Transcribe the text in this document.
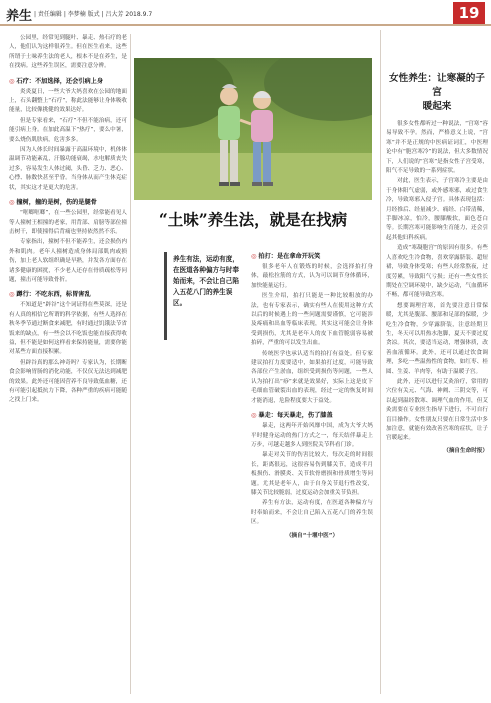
养生 | 责任编辑 | 李梦楠 版式 | 吕大芳 2018.9.7	19

公园里，经常见到腿叶、暴走、热石疗的老人，他们认为这样很养生。但在医生看来，这些所谓于土味养生法的老人，根本不是在养生，是在找病。这些养生误区，需要注意分辨。

◎ 石疗：不加选择，还会引病上身

炎炎夏日，一些大爷大妈喜欢在公园的地面上，石头翻整上“石疗”，称此法能够让身体吸收能量，比较像挑健的效果达好。

但是专家看来，“石疗”不但不能治病，还可能引病上身。在加此高温下“热疗”，要么中暑，要么烧伤肌肤病，危害多多。

因为人体长时间暴露于高温环境中，机体体温调节功能紊乱，汗腺功能衰竭，水电解质丧失过多，容易发生人体过阈，头昏、乏力、恶心、心悸、脉数快甚至乎昏。当身体从而产生休克症状，其实这才是更大的危害。

◎ 撞树，撞的是树，伤的是腿骨

“哐啷哐啷”，在一些公园里，经常能看见人等人撞树王相撞的老家，用背部、肩膀等部位撞击树干，即使撞得后背痛也坚持依然然不乐。

专家指出，撞树不但不能养生，还会损伤内外和肌肉。老年人撞树造成身体局部肌肉或损伤，加上老人软组织确是早熟，并发各方面存在诸多健康的困扰，不少老人还存在骨质疏松等问题，撞击可能导致骨折。

◎ 蹲行：不吃东西，标胃害乱

不知道是“辟谷”这个词证得在些莫深，还是有人真的相信它所谓的科学依据，有些人选择在秋冬季节通过断食来减肥，有时通过饥饿法节省饭来的缺点，有一些会以不吃饭也能直接获得收益，但不能是如何这样看来保持能量，需要你能对某些方面直接积累。

但辟谷真的那么神奇吗？专家认为，长期断食会影响胃肠的消化功能，不仅仅无法达到减肥的效果。此外还可能因营养不良导致低血糖，还有可能引起抵抗力下降，各种严重的疾病可能随之找上门来。

“土味”养生法，就是在找病

养生有法，运动有度，在医道各种偏方与时奉始而来，不会让自己陷入五花八门的养生误区。

◎ 拍打：是在拿命开玩笑

很多老年人在锻炼的时候，会选择拍打身体，敲松拉筋的方式，认为可以调节身体循环，加快能量运行。

医生介绍，拍打只能是一种比较粗放的办法，也有专家表示，确实有些人在使用这种方式以后的时候遇上的一些问题需要谨慎，它可能涉及疼痛和出血等临床表现，其实这可能会让身体受到损伤，尤其是老年人的皮下血管脆弱容易被拍碎，严重的可以发生出血。

传统医学也承认适当的拍打有益处。但专家建议拍打力度要适中，如果拍打过度，可能导致各部位产生淤血，组织受到损伤等问题，一些人认为拍打出“痧”来就是效果好，实际上这是皮下毛细血管破裂出血的表现，经过一定的恢复时间才能消退，危险程度要大于益处。

◎ 暴走：每天暴走，伤了膝盖

暴走，这两年开始风靡中国，成为大爷大妈平时健身运动的热门方式之一，每天结伴暴走上万步，可越走越多人到医院关节科看门诊。

暴走对关节的伤害比较大，每次走的时间很长，距离很远，这很容易伤到膝关节，造成半月板损伤、滑膜炎、关节软骨磨损和骨质增生等问题。尤其是老年人，由于自身关节退行性改变，膝关节比较脆弱，过度运动会加重关节负担。

养生有方法，运动有度，在医道各种偏方与时奉始而来，不会让自己陷入五花八门的养生误区。

（摘自“十堰中医”）
女性养生：让寒凝的子宫
暖起来

很多女性都听过一种说法，“宫寒”容易导致不孕。然而，严格意义上说，“宫寒”并不是正规的中医病证词汇，中医理论中有“胞宫寒冷”的说法，但大多数情况下，人们说的“宫寒”是指女性子宫受寒，阳气不足导致的一系列症状。

对此，医生表示，子宫寒冷主要是由于身体阳气虚弱，或外感寒邪，或过食生冷，导致寒邪入侵子宫。具体表现包括：月经推后、经量减少、痛经、白带清稀，手脚冰凉，怕冷，腰膝酸软，面色苍白等。长期宫寒可能影响生育能力，还会引起其他妇科疾病。

造成“寒凝胞宫”的原因有很多。有些人喜欢吃生冷食物，喜欢穿露脐装、超短裙，导致身体受寒；有些人经常熬夜，过度劳累，导致阳气亏损；还有一些女性长期处在空调环境中，缺少运动，气血循环不畅，都可能导致宫寒。

想要调理宫寒，首先要注意日常保暖，尤其是腹部、腰部和足部的保暖，少吃生冷食物，少穿露脐装，注意经期卫生，冬天可以用热水泡脚，夏天不要过度贪凉。其次，要适当运动，增强体质，改善血液循环。此外，还可以通过饮食调理，多吃一些温热性的食物，如红枣、桂圆、生姜、羊肉等，有助于温暖子宫。

此外，还可以进行艾灸治疗，常用的穴位有关元、气海、神阙、三阴交等，可以起到温经散寒、调理气血的作用，但艾灸需要在专业医生指导下进行，不可自行盲目操作。女性朋友只要在日常生活中多加注意，就能有效改善宫寒的症状，让子宫暖起来。

（摘自生命时报）
